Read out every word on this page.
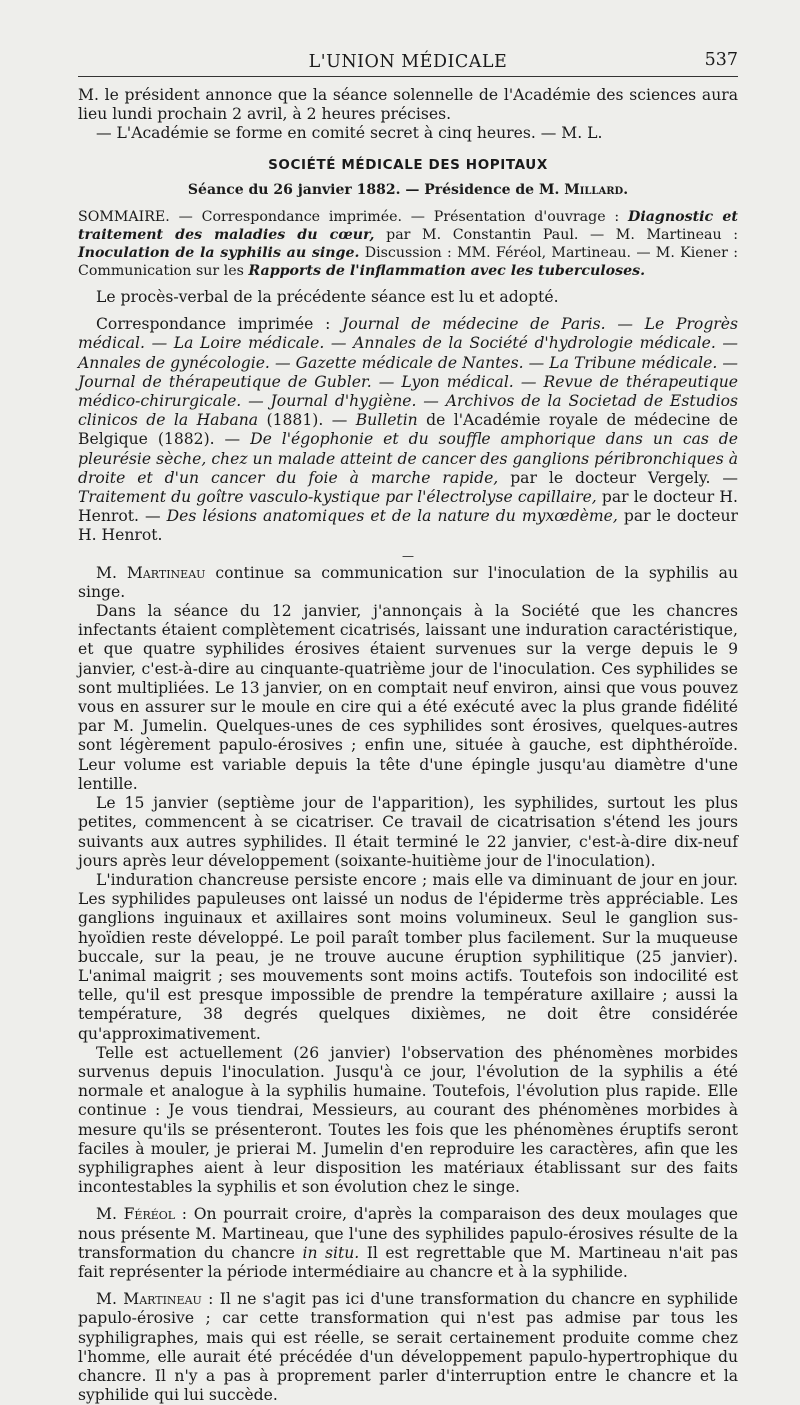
L'UNION MÉDICALE	537

M. le président annonce que la séance solennelle de l'Académie des sciences aura lieu lundi prochain 2 avril, à 2 heures précises.

— L'Académie se forme en comité secret à cinq heures. — M. L.

SOCIÉTÉ MÉDICALE DES HOPITAUX
Séance du 26 janvier 1882. — Présidence de M. Millard.

SOMMAIRE. — Correspondance imprimée. — Présentation d'ouvrage : Diagnostic et traitement des maladies du cœur, par M. Constantin Paul. — M. Martineau : Inoculation de la syphilis au singe. Discussion : MM. Féréol, Martineau. — M. Kiener : Communication sur les Rapports de l'inflammation avec les tuberculoses.

Le procès-verbal de la précédente séance est lu et adopté.

Correspondance imprimée : Journal de médecine de Paris. — Le Progrès médical. — La Loire médicale. — Annales de la Société d'hydrologie médicale. — Annales de gynécologie. — Gazette médicale de Nantes. — La Tribune médicale. — Journal de thérapeutique de Gubler. — Lyon médical. — Revue de thérapeutique médico-chirurgicale. — Journal d'hygiène. — Archivos de la Societad de Estudios clinicos de la Habana (1881). — Bulletin de l'Académie royale de médecine de Belgique (1882). — De l'égophonie et du souffle amphorique dans un cas de pleurésie sèche, chez un malade atteint de cancer des ganglions péribronchiques à droite et d'un cancer du foie à marche rapide, par le docteur Vergely. — Traitement du goître vasculo-kystique par l'électrolyse capillaire, par le docteur H. Henrot. — Des lésions anatomiques et de la nature du myxœdème, par le docteur H. Henrot.

—

M. Martineau continue sa communication sur l'inoculation de la syphilis au singe.

Dans la séance du 12 janvier, j'annonçais à la Société que les chancres infectants étaient complètement cicatrisés, laissant une induration caractéristique, et que quatre syphilides érosives étaient survenues sur la verge depuis le 9 janvier, c'est-à-dire au cinquante-quatrième jour de l'inoculation. Ces syphilides se sont multipliées. Le 13 janvier, on en comptait neuf environ, ainsi que vous pouvez vous en assurer sur le moule en cire qui a été exécuté avec la plus grande fidélité par M. Jumelin. Quelques-unes de ces syphilides sont érosives, quelques-autres sont légèrement papulo-érosives ; enfin une, située à gauche, est diphthéroïde. Leur volume est variable depuis la tête d'une épingle jusqu'au diamètre d'une lentille.

Le 15 janvier (septième jour de l'apparition), les syphilides, surtout les plus petites, commencent à se cicatriser. Ce travail de cicatrisation s'étend les jours suivants aux autres syphilides. Il était terminé le 22 janvier, c'est-à-dire dix-neuf jours après leur développement (soixante-huitième jour de l'inoculation).

L'induration chancreuse persiste encore ; mais elle va diminuant de jour en jour. Les syphilides papuleuses ont laissé un nodus de l'épiderme très appréciable. Les ganglions inguinaux et axillaires sont moins volumineux. Seul le ganglion sus-hyoïdien reste développé. Le poil paraît tomber plus facilement. Sur la muqueuse buccale, sur la peau, je ne trouve aucune éruption syphilitique (25 janvier). L'animal maigrit ; ses mouvements sont moins actifs. Toutefois son indocilité est telle, qu'il est presque impossible de prendre la température axillaire ; aussi la température, 38 degrés quelques dixièmes, ne doit être considérée qu'approximativement.

Telle est actuellement (26 janvier) l'observation des phénomènes morbides survenus depuis l'inoculation. Jusqu'à ce jour, l'évolution de la syphilis a été normale et analogue à la syphilis humaine. Toutefois, l'évolution plus rapide. Elle continue : Je vous tiendrai, Messieurs, au courant des phénomènes morbides à mesure qu'ils se présenteront. Toutes les fois que les phénomènes éruptifs seront faciles à mouler, je prierai M. Jumelin d'en reproduire les caractères, afin que les syphiligraphes aient à leur disposition les matériaux établissant sur des faits incontestables la syphilis et son évolution chez le singe.

M. Féréol : On pourrait croire, d'après la comparaison des deux moulages que nous présente M. Martineau, que l'une des syphilides papulo-érosives résulte de la transformation du chancre in situ. Il est regrettable que M. Martineau n'ait pas fait représenter la période intermédiaire au chancre et à la syphilide.

M. Martineau : Il ne s'agit pas ici d'une transformation du chancre en syphilide papulo-érosive ; car cette transformation qui n'est pas admise par tous les syphiligraphes, mais qui est réelle, se serait certainement produite comme chez l'homme, elle aurait été précédée d'un développement papulo-hypertrophique du chancre. Il n'y a pas à proprement parler d'interruption entre le chancre et la syphilide qui lui succède.
